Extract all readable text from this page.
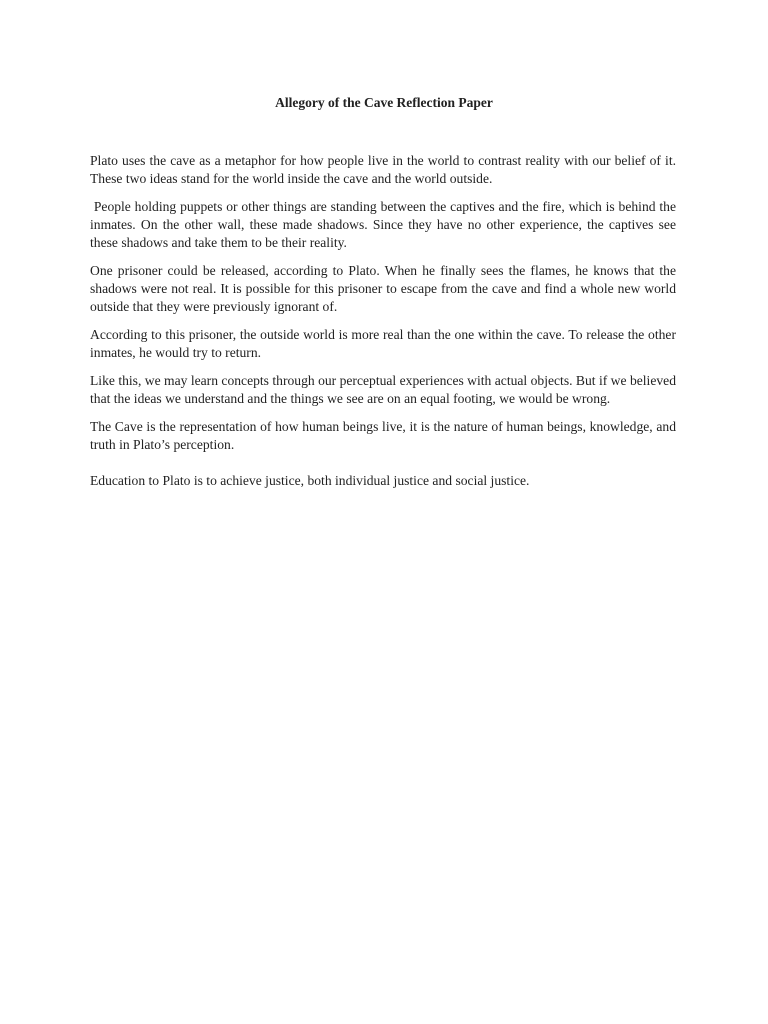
Allegory of the Cave Reflection Paper

Plato uses the cave as a metaphor for how people live in the world to contrast reality with our belief of it. These two ideas stand for the world inside the cave and the world outside.

People holding puppets or other things are standing between the captives and the fire, which is behind the inmates. On the other wall, these made shadows. Since they have no other experience, the captives see these shadows and take them to be their reality.

One prisoner could be released, according to Plato. When he finally sees the flames, he knows that the shadows were not real. It is possible for this prisoner to escape from the cave and find a whole new world outside that they were previously ignorant of.

According to this prisoner, the outside world is more real than the one within the cave. To release the other inmates, he would try to return.

Like this, we may learn concepts through our perceptual experiences with actual objects. But if we believed that the ideas we understand and the things we see are on an equal footing, we would be wrong.

The Cave is the representation of how human beings live, it is the nature of human beings, knowledge, and truth in Plato’s perception.

Education to Plato is to achieve justice, both individual justice and social justice.
